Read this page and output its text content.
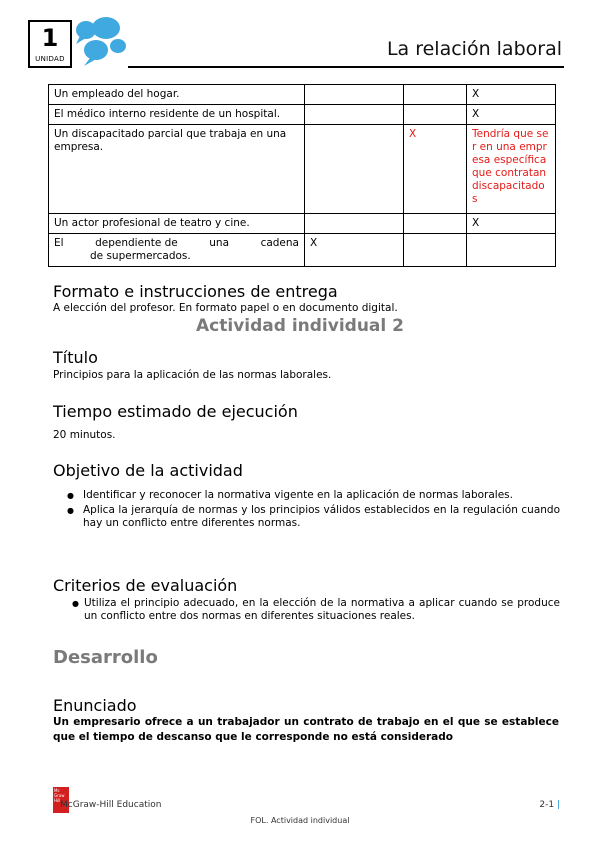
1
UNIDAD	La relación laboral
Un empleado del hogar.			X
El médico interno residente de un hospital.			X
Un discapacitado parcial que trabaja en una empresa.		X	Tendría que ser en una empresa específica que contratan discapacitados
Un actor profesional de teatro y cine.			X

El dependiente de una cadena
de supermercados.	X		
Formato e instrucciones de entrega
A elección del profesor. En formato papel o en documento digital.
Actividad individual 2
Título
Principios para la aplicación de las normas laborales.
Tiempo estimado de ejecución
20 minutos.
Objetivo de la actividad
● Identificar y reconocer la normativa vigente en la aplicación de normas laborales.
● Aplica la jerarquía de normas y los principios válidos establecidos en la regulación cuando hay un conflicto entre diferentes normas.
Criterios de evaluación
● Utiliza el principio adecuado, en la elección de la normativa a aplicar cuando se produce un conflicto entre dos normas en diferentes situaciones reales.
Desarrollo
Enunciado
Un empresario ofrece a un trabajador un contrato de trabajo en el que se establece que el tiempo de descanso que le corresponde no está considerado
Mc Graw Hill McGraw-Hill Education	2-1 |
FOL. Actividad individual
